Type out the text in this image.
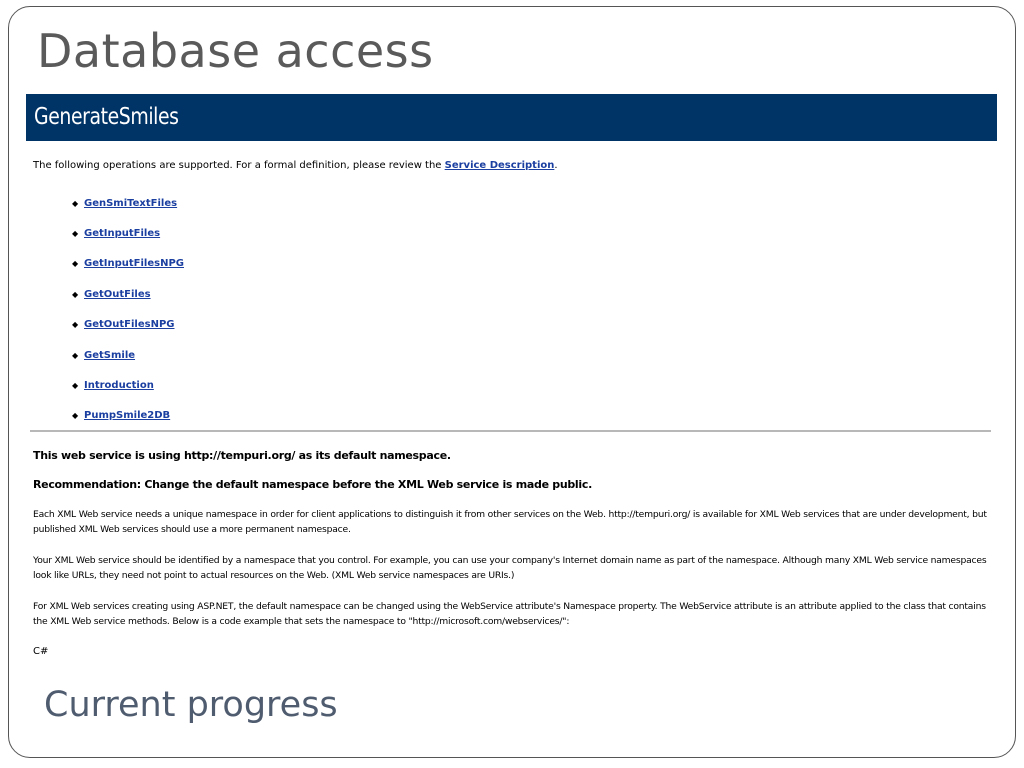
Database access
GenerateSmiles
The following operations are supported. For a formal definition, please review the Service Description.
◆ GenSmiTextFiles
◆ GetInputFiles
◆ GetInputFilesNPG
◆ GetOutFiles
◆ GetOutFilesNPG
◆ GetSmile
◆ Introduction
◆ PumpSmile2DB
This web service is using http://tempuri.org/ as its default namespace.
Recommendation: Change the default namespace before the XML Web service is made public.
Each XML Web service needs a unique namespace in order for client applications to distinguish it from other services on the Web. http://tempuri.org/ is available for XML Web services that are under development, but published XML Web services should use a more permanent namespace.
Your XML Web service should be identified by a namespace that you control. For example, you can use your company's Internet domain name as part of the namespace. Although many XML Web service namespaces look like URLs, they need not point to actual resources on the Web. (XML Web service namespaces are URIs.)
For XML Web services creating using ASP.NET, the default namespace can be changed using the WebService attribute's Namespace property. The WebService attribute is an attribute applied to the class that contains the XML Web service methods. Below is a code example that sets the namespace to "http://microsoft.com/webservices/":
C#
Current progress
